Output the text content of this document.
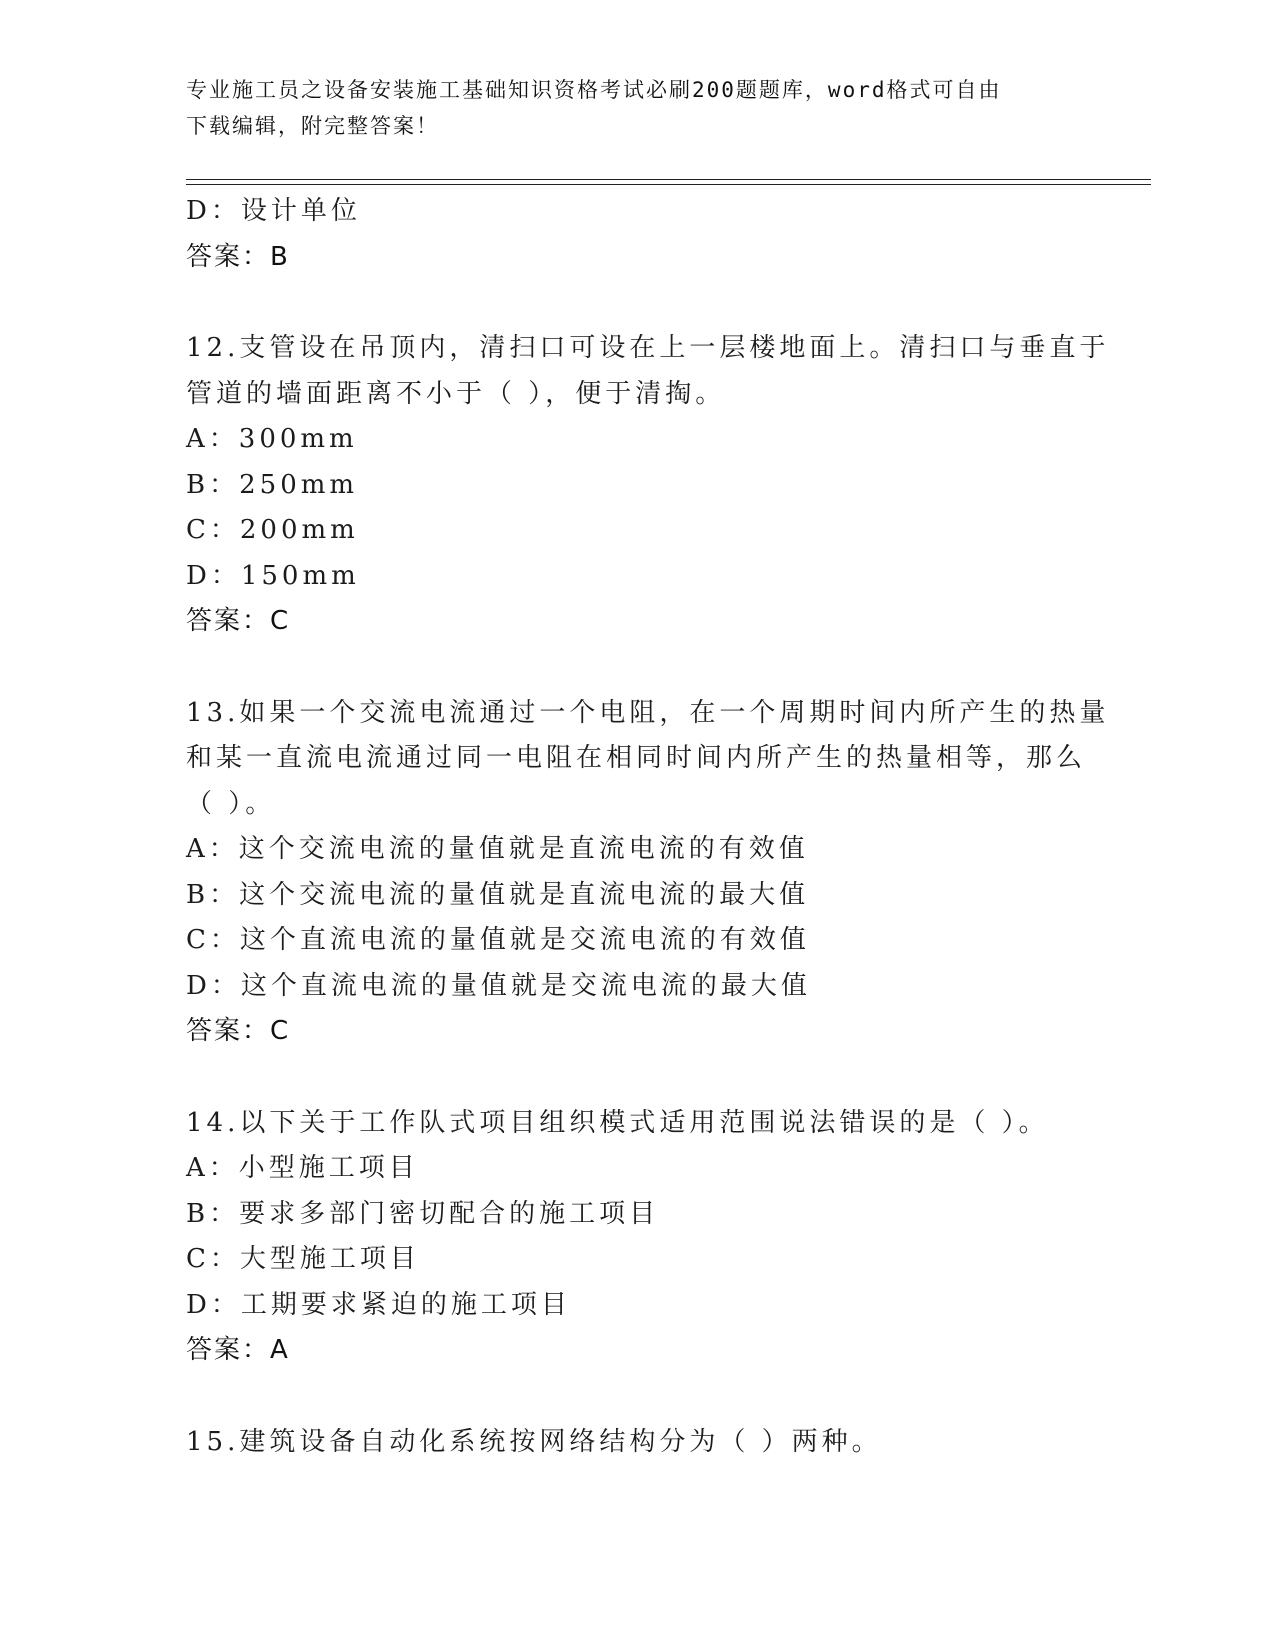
专业施工员之设备安装施工基础知识资格考试必刷200题题库，word格式可自由
下载编辑，附完整答案！
D：设计单位
答案：B
12.支管设在吊顶内，清扫口可设在上一层楼地面上。清扫口与垂直于
管道的墙面距离不小于（ ），便于清掏。
A：300mm
B：250mm
C：200mm
D：150mm
答案：C
13.如果一个交流电流通过一个电阻，在一个周期时间内所产生的热量
和某一直流电流通过同一电阻在相同时间内所产生的热量相等，那么
（ ）。
A：这个交流电流的量值就是直流电流的有效值
B：这个交流电流的量值就是直流电流的最大值
C：这个直流电流的量值就是交流电流的有效值
D：这个直流电流的量值就是交流电流的最大值
答案：C
14.以下关于工作队式项目组织模式适用范围说法错误的是（ ）。
A：小型施工项目
B：要求多部门密切配合的施工项目
C：大型施工项目
D：工期要求紧迫的施工项目
答案：A
15.建筑设备自动化系统按网络结构分为（ ）两种。
